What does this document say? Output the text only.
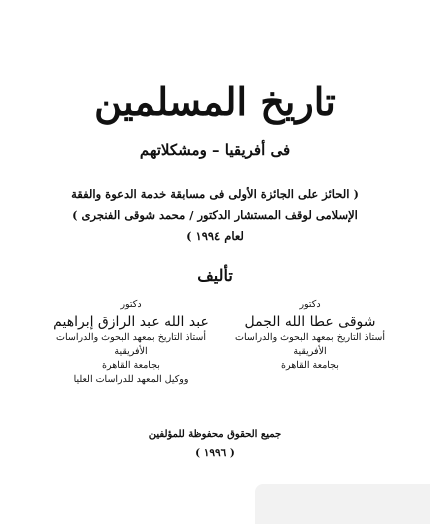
تاريخ المسلمين
فى أفريقيا – ومشكلاتهم
( الحائز على الجائزة الأولى فى مسابقة خدمة الدعوة والفقة
الإسلامى لوقف المستشار الدكتور / محمد شوقى الفنجرى )
لعام ١٩٩٤ )
تأليف
دكتور
شوقى عطا الله الجمل
أستاذ التاريخ بمعهد البحوث والدراسات
الأفريقية
بجامعة القاهرة
دكتور
عبد الله عبد الرازق إبراهيم
أستاذ التاريخ بمعهد البحوث والدراسات
الأفريقية
بجامعة القاهرة
ووكيل المعهد للدراسات العليا
جميع الحقوق محفوظة للمؤلفين
( ١٩٩٦ )
